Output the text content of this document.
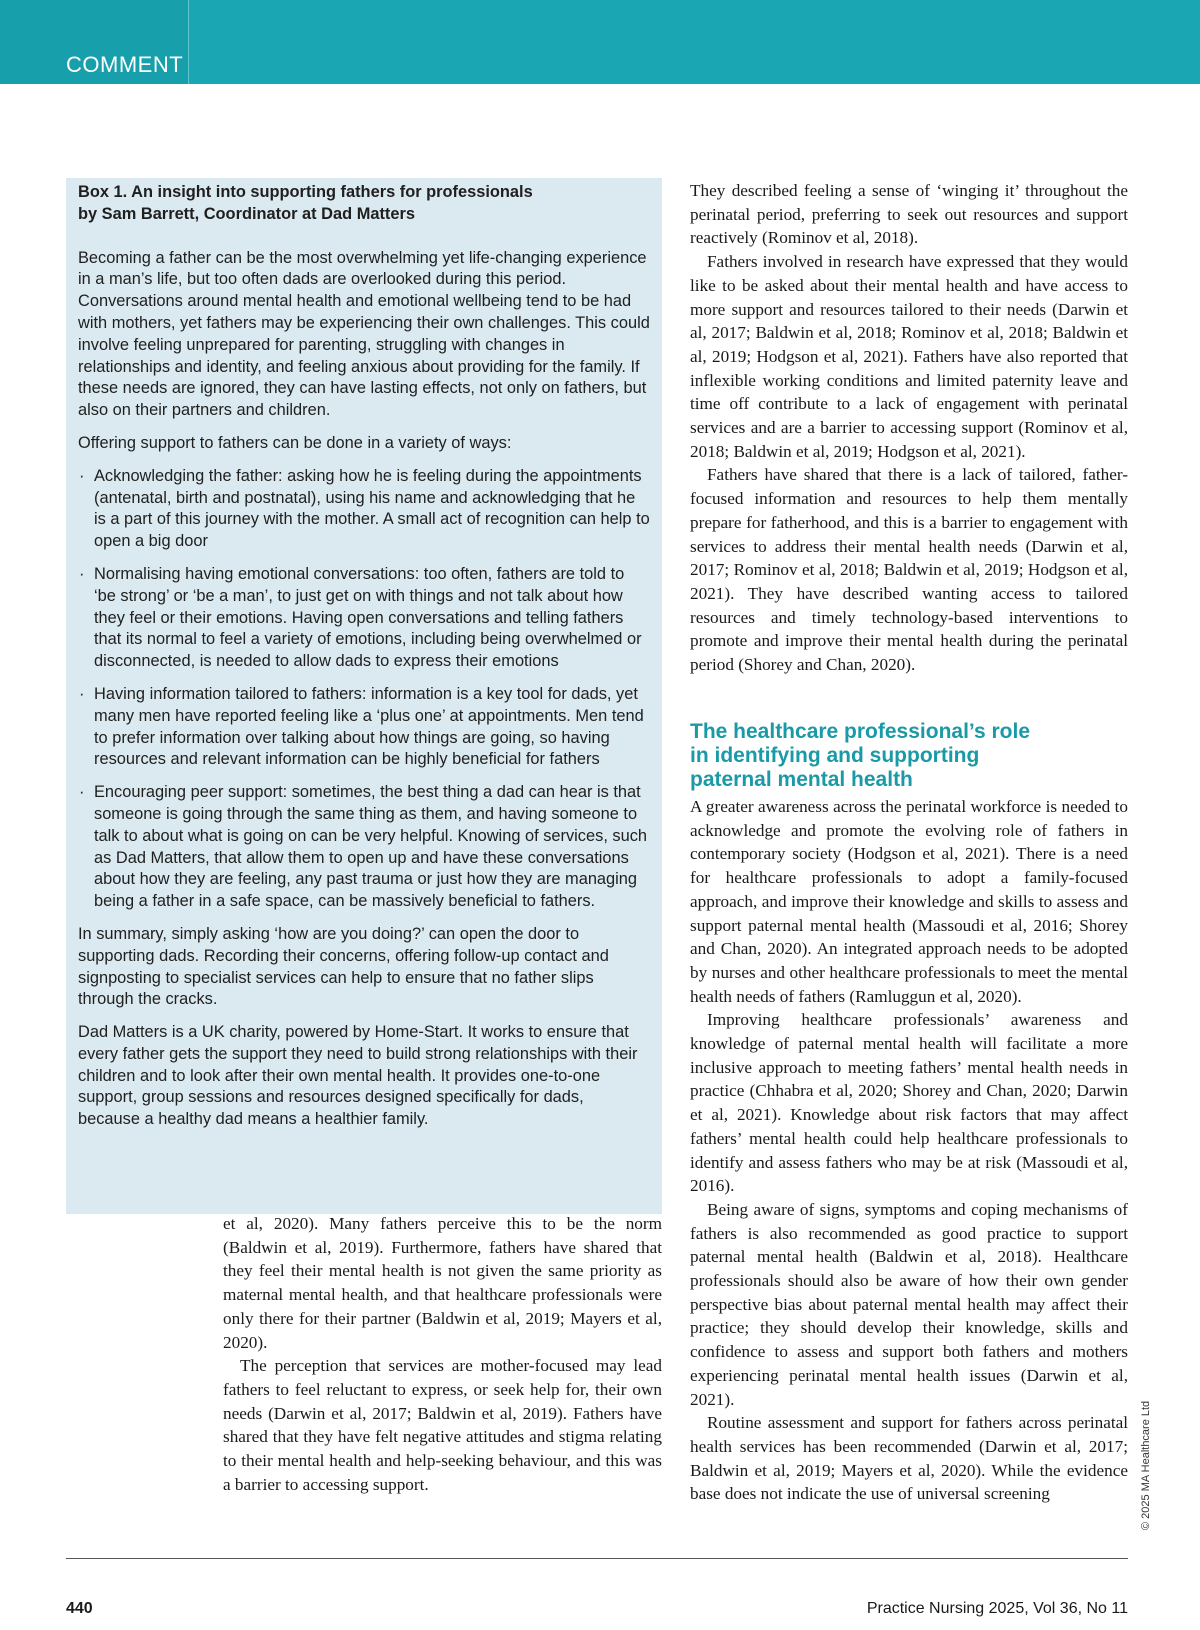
COMMENT
Box 1. An insight into supporting fathers for professionals
by Sam Barrett, Coordinator at Dad Matters

Becoming a father can be the most overwhelming yet life-changing experience in a man’s life, but too often dads are overlooked during this period. Conversations around mental health and emotional wellbeing tend to be had with mothers, yet fathers may be experiencing their own challenges. This could involve feeling unprepared for parenting, struggling with changes in relationships and identity, and feeling anxious about providing for the family. If these needs are ignored, they can have lasting effects, not only on fathers, but also on their partners and children.

Offering support to fathers can be done in a variety of ways:

· Acknowledging the father: asking how he is feeling during the appointments (antenatal, birth and postnatal), using his name and acknowledging that he is a part of this journey with the mother. A small act of recognition can help to open a big door
· Normalising having emotional conversations: too often, fathers are told to ‘be strong’ or ‘be a man’, to just get on with things and not talk about how they feel or their emotions. Having open conversations and telling fathers that its normal to feel a variety of emotions, including being overwhelmed or disconnected, is needed to allow dads to express their emotions
· Having information tailored to fathers: information is a key tool for dads, yet many men have reported feeling like a ‘plus one’ at appointments. Men tend to prefer information over talking about how things are going, so having resources and relevant information can be highly beneficial for fathers
· Encouraging peer support: sometimes, the best thing a dad can hear is that someone is going through the same thing as them, and having someone to talk to about what is going on can be very helpful. Knowing of services, such as Dad Matters, that allow them to open up and have these conversations about how they are feeling, any past trauma or just how they are managing being a father in a safe space, can be massively beneficial to fathers.

In summary, simply asking ‘how are you doing?’ can open the door to supporting dads. Recording their concerns, offering follow-up contact and signposting to specialist services can help to ensure that no father slips through the cracks.

Dad Matters is a UK charity, powered by Home-Start. It works to ensure that every father gets the support they need to build strong relationships with their children and to look after their own mental health. It provides one-to-one support, group sessions and resources designed specifically for dads, because a healthy dad means a healthier family.

et al, 2020). Many fathers perceive this to be the norm (Baldwin et al, 2019). Furthermore, fathers have shared that they feel their mental health is not given the same priority as maternal mental health, and that healthcare professionals were only there for their partner (Baldwin et al, 2019; Mayers et al, 2020).

The perception that services are mother-focused may lead fathers to feel reluctant to express, or seek help for, their own needs (Darwin et al, 2017; Baldwin et al, 2019). Fathers have shared that they have felt negative attitudes and stigma relating to their mental health and help-seeking behaviour, and this was a barrier to accessing support.

They described feeling a sense of ‘winging it’ throughout the perinatal period, preferring to seek out resources and support reactively (Rominov et al, 2018).

Fathers involved in research have expressed that they would like to be asked about their mental health and have access to more support and resources tailored to their needs (Darwin et al, 2017; Baldwin et al, 2018; Rominov et al, 2018; Baldwin et al, 2019; Hodgson et al, 2021). Fathers have also reported that inflexible working conditions and limited paternity leave and time off contribute to a lack of engagement with perinatal services and are a barrier to accessing support (Rominov et al, 2018; Baldwin et al, 2019; Hodgson et al, 2021).

Fathers have shared that there is a lack of tailored, father-focused information and resources to help them mentally prepare for fatherhood, and this is a barrier to engagement with services to address their mental health needs (Darwin et al, 2017; Rominov et al, 2018; Baldwin et al, 2019; Hodgson et al, 2021). They have described wanting access to tailored resources and timely technology-based interventions to promote and improve their mental health during the perinatal period (Shorey and Chan, 2020).

The healthcare professional’s role
in identifying and supporting
paternal mental health

A greater awareness across the perinatal workforce is needed to acknowledge and promote the evolving role of fathers in contemporary society (Hodgson et al, 2021). There is a need for healthcare professionals to adopt a family-focused approach, and improve their knowledge and skills to assess and support paternal mental health (Massoudi et al, 2016; Shorey and Chan, 2020). An integrated approach needs to be adopted by nurses and other healthcare professionals to meet the mental health needs of fathers (Ramluggun et al, 2020).

Improving healthcare professionals’ awareness and knowledge of paternal mental health will facilitate a more inclusive approach to meeting fathers’ mental health needs in practice (Chhabra et al, 2020; Shorey and Chan, 2020; Darwin et al, 2021). Knowledge about risk factors that may affect fathers’ mental health could help healthcare professionals to identify and assess fathers who may be at risk (Massoudi et al, 2016).

Being aware of signs, symptoms and coping mechanisms of fathers is also recommended as good practice to support paternal mental health (Baldwin et al, 2018). Healthcare professionals should also be aware of how their own gender perspective bias about paternal mental health may affect their practice; they should develop their knowledge, skills and confidence to assess and support both fathers and mothers experiencing perinatal mental health issues (Darwin et al, 2021).

Routine assessment and support for fathers across perinatal health services has been recommended (Darwin et al, 2017; Baldwin et al, 2019; Mayers et al, 2020). While the evidence base does not indicate the use of universal screening	© 2025 MA Healthcare Ltd
440	Practice Nursing 2025, Vol 36, No 11
